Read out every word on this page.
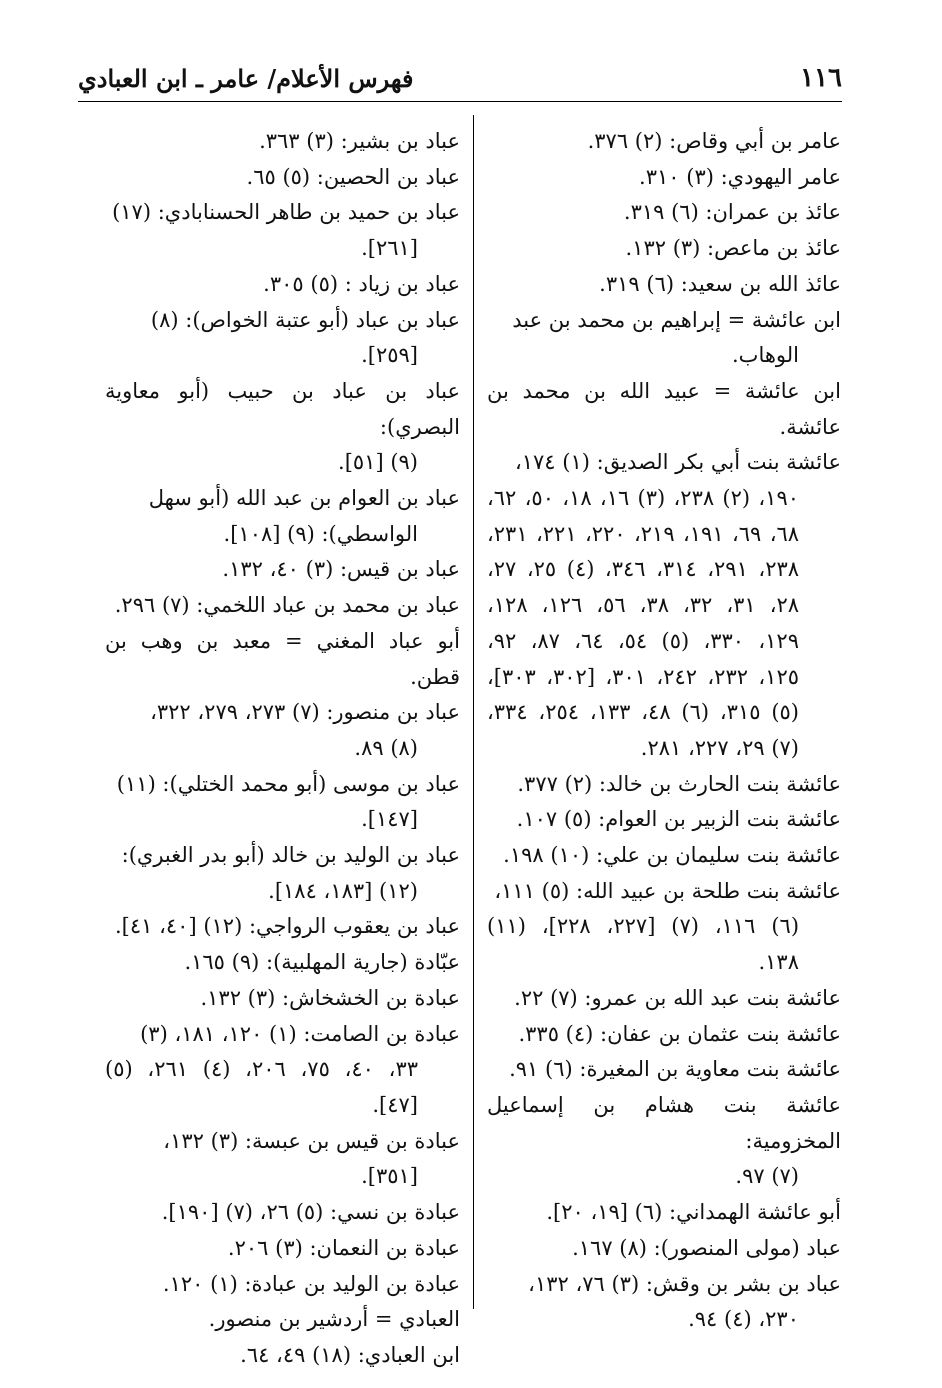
١١٦
فهرس الأعلام/ عامر ـ ابن العبادي

عامر بن أبي وقاص: (٢) ٣٧٦.

عامر اليهودي: (٣) ٣١٠.

عائذ بن عمران: (٦) ٣١٩.

عائذ بن ماعص: (٣) ١٣٢.

عائذ الله بن سعيد: (٦) ٣١٩.

ابن عائشة = إبراهيم بن محمد بن عبد
الوهاب.

ابن عائشة = عبيد الله بن محمد بن عائشة.

عائشة بنت أبي بكر الصديق: (١) ١٧٤،
١٩٠، (٢) ٢٣٨، (٣) ١٦، ١٨، ٥٠، ٦٢، ٦٨، ٦٩، ١٩١، ٢١٩، ٢٢٠، ٢٢١، ٢٣١، ٢٣٨، ٢٩١، ٣١٤، ٣٤٦، (٤) ٢٥، ٢٧، ٢٨، ٣١، ٣٢، ٣٨، ٥٦، ١٢٦، ١٢٨، ١٢٩، ٣٣٠، (٥) ٥٤، ٦٤، ٨٧، ٩٢، ١٢٥، ٢٣٢، ٢٤٢، ٣٠١، [٣٠٢، ٣٠٣]، (٥) ٣١٥، (٦) ٤٨، ١٣٣، ٢٥٤، ٣٣٤، (٧) ٢٩، ٢٢٧، ٢٨١.

عائشة بنت الحارث بن خالد: (٢) ٣٧٧.

عائشة بنت الزبير بن العوام: (٥) ١٠٧.

عائشة بنت سليمان بن علي: (١٠) ١٩٨.

عائشة بنت طلحة بن عبيد الله: (٥) ١١١،
(٦) ١١٦، (٧) [٢٢٧، ٢٢٨]، (١١) ١٣٨.

عائشة بنت عبد الله بن عمرو: (٧) ٢٢.

عائشة بنت عثمان بن عفان: (٤) ٣٣٥.

عائشة بنت معاوية بن المغيرة: (٦) ٩١.

عائشة بنت هشام بن إسماعيل المخزومية:
(٧) ٩٧.

أبو عائشة الهمداني: (٦) [١٩، ٢٠].

عباد (مولى المنصور): (٨) ١٦٧.

عباد بن بشر بن وقش: (٣) ٧٦، ١٣٢،
٢٣٠، (٤) ٩٤.

عباد بن بشير: (٣) ٣٦٣.

عباد بن الحصين: (٥) ٦٥.

عباد بن حميد بن طاهر الحسنابادي: (١٧)
[٢٦١].

عباد بن زياد : (٥) ٣٠٥.

عباد بن عباد (أبو عتبة الخواص): (٨)
[٢٥٩].

عباد بن عباد بن حبيب (أبو معاوية البصري):
(٩) [٥١].

عباد بن العوام بن عبد الله (أبو سهل
الواسطي): (٩) [١٠٨].

عباد بن قيس: (٣) ٤٠، ١٣٢.

عباد بن محمد بن عباد اللخمي: (٧) ٢٩٦.

أبو عباد المغني = معبد بن وهب بن قطن.

عباد بن منصور: (٧) ٢٧٣، ٢٧٩، ٣٢٢،
(٨) ٨٩.

عباد بن موسى (أبو محمد الختلي): (١١)
[١٤٧].

عباد بن الوليد بن خالد (أبو بدر الغبري):
(١٢) [١٨٣، ١٨٤].

عباد بن يعقوب الرواجي: (١٢) [٤٠، ٤١].

عبّادة (جارية المهلبية): (٩) ١٦٥.

عبادة بن الخشخاش: (٣) ١٣٢.

عبادة بن الصامت: (١) ١٢٠، ١٨١، (٣)
٣٣، ٤٠، ٧٥، ٢٠٦، (٤) ٢٦١، (٥) [٤٧].

عبادة بن قيس بن عبسة: (٣) ١٣٢،
[٣٥١].

عبادة بن نسي: (٥) ٢٦، (٧) [١٩٠].

عبادة بن النعمان: (٣) ٢٠٦.

عبادة بن الوليد بن عبادة: (١) ١٢٠.

العبادي = أردشير بن منصور.

ابن العبادي: (١٨) ٤٩، ٦٤.
